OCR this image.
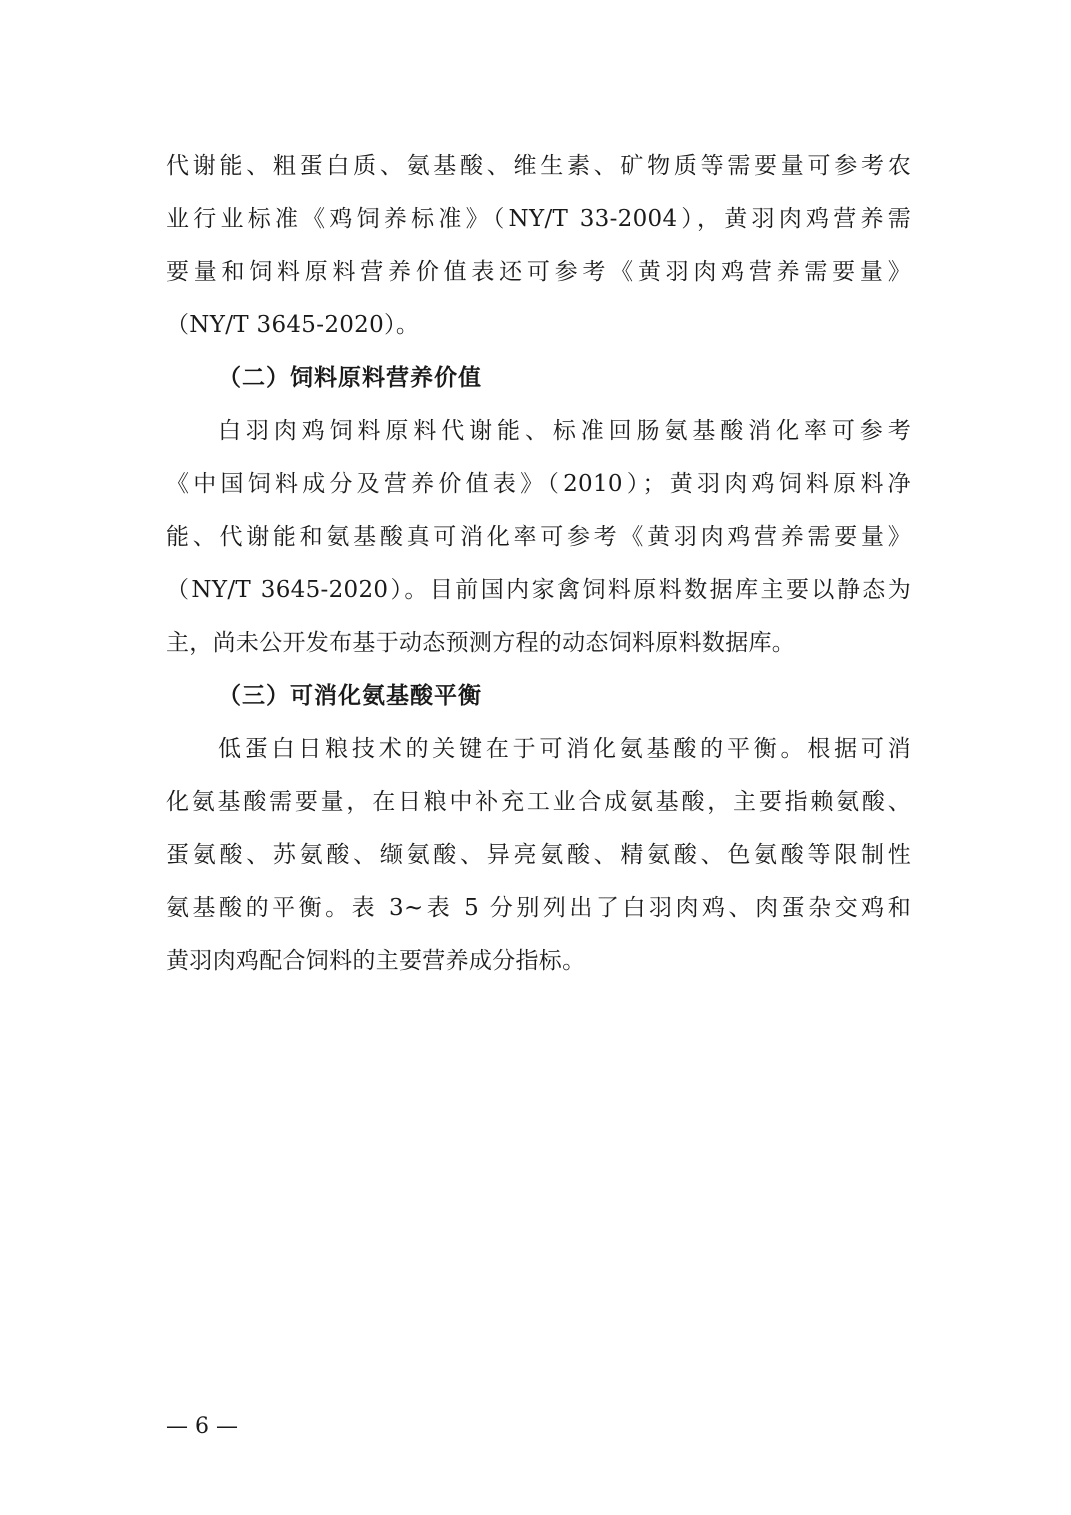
代谢能、粗蛋白质、氨基酸、维生素、矿物质等需要量可参考农
业行业标准《鸡饲养标准》（NY/T 33-2004），黄羽肉鸡营养需
要量和饲料原料营养价值表还可参考《黄羽肉鸡营养需要量》
（NY/T 3645-2020）。
（二）饲料原料营养价值
白羽肉鸡饲料原料代谢能、标准回肠氨基酸消化率可参考
《中国饲料成分及营养价值表》（2010）；黄羽肉鸡饲料原料净
能、代谢能和氨基酸真可消化率可参考《黄羽肉鸡营养需要量》
（NY/T 3645-2020）。目前国内家禽饲料原料数据库主要以静态为
主，尚未公开发布基于动态预测方程的动态饲料原料数据库。
（三）可消化氨基酸平衡
低蛋白日粮技术的关键在于可消化氨基酸的平衡。根据可消
化氨基酸需要量，在日粮中补充工业合成氨基酸，主要指赖氨酸、
蛋氨酸、苏氨酸、缬氨酸、异亮氨酸、精氨酸、色氨酸等限制性
氨基酸的平衡。表 3~表 5 分别列出了白羽肉鸡、肉蛋杂交鸡和
黄羽肉鸡配合饲料的主要营养成分指标。
— 6 —
